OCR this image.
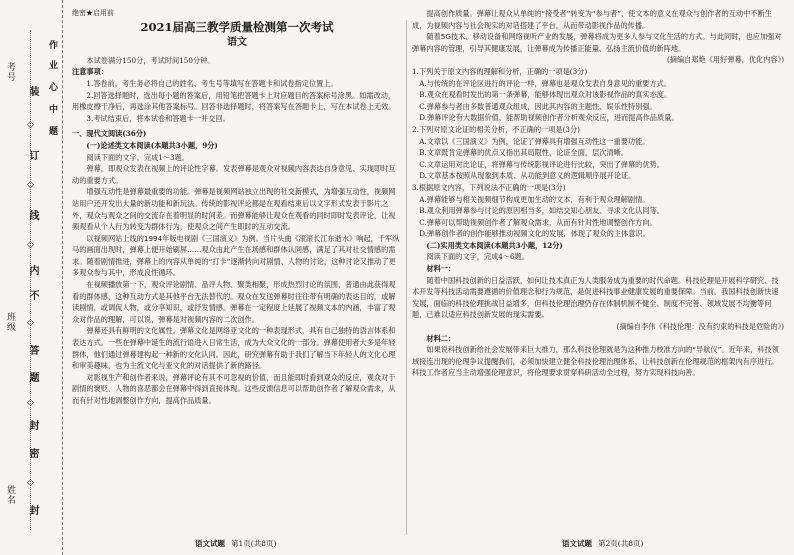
考号
班级
姓名
装
◇
订
◇
线
◇
内
不
◇
答
题
◇
封
密
◇
封
作
业
心
中
题
绝密★启用前
2021届高三教学质量检测第一次考试
语文

本试卷满分150分，考试时间150分钟。

注意事项：

1.答卷前，考生务必将自己的姓名、考生号等填写在答题卡和试卷指定位置上。

2.回答选择题时，选出每小题的答案后，用铅笔把答题卡上对应题目的答案标号涂黑。如需改动，用橡皮擦干净后，再选涂其他答案标号。回答非选择题时，将答案写在答题卡上，写在本试卷上无效。

3.考试结束后，将本试卷和答题卡一并交回。

一、现代文阅读(36分)

(一)论述类文本阅读(本题共3小题，9分)

阅读下面的文字，完成1～3题。

弹幕，即观众发表在视频上的评论性字幕。发表弹幕是观众对视频内容表达自身意见、实现即时互动的重要方式。

增强互动性是弹幕最重要的功能。弹幕是视频网站独立出现的社交新模式，为增强互动性，视频网站用户还开发出大量的新功能和新玩法。传统的影视评论都是在观看结束后以文字形式发表于影片之外，观众与观众之间的交流存在着明显的时间差。而弹幕能够让观众在观看的同时即时发表评论，让视频观看从个人行为转变为群体行为，使观众之间产生即时的互动交流。

以视频网站上线的1994年版电视剧《三国演义》为例。当片头曲《滚滚长江东逝水》响起，千军纵马的画面出现时，弹幕上便开始刷屏……观众由此产生在场感和群体认同感，满足了其对社交情感的需求。随着剧情推进，弹幕上的内容从单纯的“打卡”逐渐转向对剧情、人物的讨论，这种讨论又推动了更多观众参与其中，形成良性循环。

在视频播放第一下，观众评论剧情、品评人物、聚类相聚，形成热烈讨论的氛围，普通由此获得观看的群体感，这种互动方式是其他平台无法替代的。观众在发送弹幕时往往带有明确的表达目的，或解读剧情，或调侃人物，或分享知识，或抒发情感。弹幕在一定程度上延展了视频文本的内涵，丰富了观众对作品的理解，可以说，弹幕是对视频内容的二次创作。

弹幕还具有鲜明的文化属性。弹幕文化是网络亚文化的一种表现形式，具有自己独特的语言体系和表达方式。一些在弹幕中诞生的流行语进入日常生活，成为大众文化的一部分。弹幕使用者大多是年轻群体，他们通过弹幕建构起一种新的文化认同。因此，研究弹幕有助于我们了解当下年轻人的文化心理和审美趣味，也为主流文化与亚文化的对话提供了新的路径。

对影视生产和创作者来说，弹幕评论有其不可忽视的价值，而且能即时看到观众的反应，观众对于剧情的褒贬、人物的喜恶都会在弹幕中得到直接体现。这些反馈信息可以帮助创作者了解观众需求，从而有针对性地调整创作方向，提高作品质量。

提高创作质量。弹幕让观众从单纯的“接受者”转变为“参与者”，使文本的意义在观众与创作者的互动中不断生成，为视频内容与社会现实的对话搭建了平台，从而带动影视作品的传播。

随着5G技术、移动设备和网络视听产业的发展，弹幕将成为更多人参与文化生活的方式。与此同时，也应加强对弹幕内容的管理，引导其健康发展，让弹幕成为传播正能量、弘扬主流价值的新阵地。

(摘编自郑艳《用好弹幕，优化内容》)

1.下列关于原文内容的理解和分析，正确的一项是(3分)

A.与传统的在评论区进行的评论一样，弹幕也是观众发表自身意见的重要方式。

B.观众在观看时发出的第一条弹幕，能够体现出观众对该影视作品的真实态度。

C.弹幕参与者由多数普通观众组成，因此其内容的主题性、娱乐性特别强。

D.弹幕评论有大数据价值，能帮助视频创作者分析观众反应，进而提高作品质量。

2.下列对原文论证的相关分析，不正确的一项是(3分)

A.文章以《三国演义》为例，论证了弹幕具有增强互动性这一重要功能。

B.文章既肯定弹幕的优点又指出其局限性，论证全面，层次清晰。

C.文章运用对比论证，将弹幕与传统影视评论进行比较，突出了弹幕的优势。

D.文章基本按照从现象到本质、从功能到意义的逻辑顺序展开论证。

3.根据原文内容，下列说法不正确的一项是(3分)

A.弹幕能够与相关视频细节构成更加生动的文本，有利于观众理解剧情。

B.观众利用弹幕参与讨论的原因相当多，如结交知心朋友、寻求文化认同等。

C.弹幕可以帮助视频创作者了解观众需求，从而有针对性地调整创作方向。

D.弹幕创作者的创作能够推动视频文化的发展，体现了观众的主体意识。

(二)实用类文本阅读(本题共3小题，12分)

阅读下面的文字，完成4～6题。

材料一：

随着中国科技创新的日益活跃，如何让技术真正为人类服务成为重要的时代命题。科技伦理是开展科学研究、技术开发等科技活动需要遵循的价值理念和行为规范，是促进科技事业健康发展的重要保障。当前，我国科技创新快速发展，面临的科技伦理挑战日益增多，但科技伦理治理仍存在体制机制不健全、制度不完善、领域发展不均衡等问题，已难以适应科技创新发展的现实需要。

(摘编自李伟《科技伦理：没有约束的科技是危险的》)

材料二：

如果说科技创新给社会发展带来巨大推力，那么科技伦理就是为这种推力校准方向的“导航仪”。近年来，科技领域接连出现的伦理争议提醒我们，必须加快建立健全科技伦理治理体系，让科技创新在伦理规范的框架内有序进行。科技工作者应当主动增强伦理意识，将伦理要求贯穿科研活动全过程，努力实现科技向善。

语文试题 第1页(共8页)	语文试题 第2页(共8页)
